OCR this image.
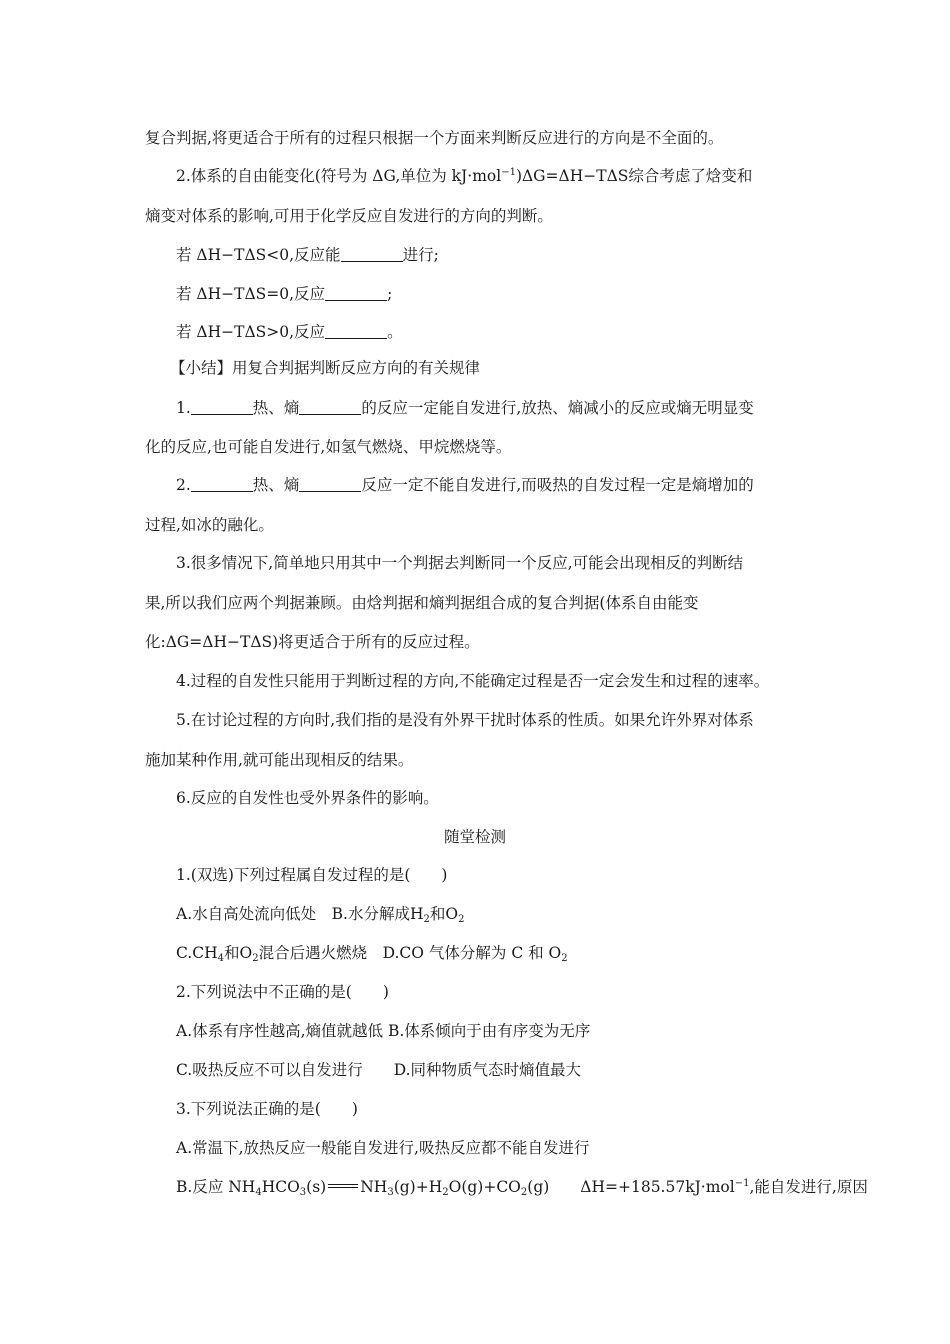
复合判据,将更适合于所有的过程只根据一个方面来判断反应进行的方向是不全面的。
2.体系的自由能变化(符号为 ΔG,单位为 kJ·mol$^{-1}$)ΔG=ΔH−TΔS综合考虑了焓变和
熵变对体系的影响,可用于化学反应自发进行的方向的判断。
若 ΔH−TΔS<0,反应能	进行;
若 ΔH−TΔS=0,反应	;
若 ΔH−TΔS>0,反应	。
【小结】用复合判据判断反应方向的有关规律
1.	热、熵	的反应一定能自发进行,放热、熵减小的反应或熵无明显变
化的反应,也可能自发进行,如氢气燃烧、甲烷燃烧等。
2.	热、熵	反应一定不能自发进行,而吸热的自发过程一定是熵增加的
过程,如冰的融化。
3.很多情况下,简单地只用其中一个判据去判断同一个反应,可能会出现相反的判断结
果,所以我们应两个判据兼顾。由焓判据和熵判据组合成的复合判据(体系自由能变
化:ΔG=ΔH−TΔS)将更适合于所有的反应过程。
4.过程的自发性只能用于判断过程的方向,不能确定过程是否一定会发生和过程的速率。
5.在讨论过程的方向时,我们指的是没有外界干扰时体系的性质。如果允许外界对体系
施加某种作用,就可能出现相反的结果。
6.反应的自发性也受外界条件的影响。
随堂检测
1.(双选)下列过程属自发过程的是(　　)
A.水自高处流向低处　B.水分解成$H_2$和$O_2$
$C.CH_4$和$O_2$混合后遇火燃烧　D.CO 气体分解为 C 和 $O_2$
2.下列说法中不正确的是(　　)
A.体系有序性越高,熵值就越低 B.体系倾向于由有序变为无序
C.吸热反应不可以自发进行　　D.同种物质气态时熵值最大
3.下列说法正确的是(　　)
A.常温下,放热反应一般能自发进行,吸热反应都不能自发进行
B.反应 $NH_4HCO_3(s)$ $NH_3(g)+H_2O(g)+CO_2(g)$　　ΔH=+185.57kJ·mol$^{-1}$,能自发进行,原因
